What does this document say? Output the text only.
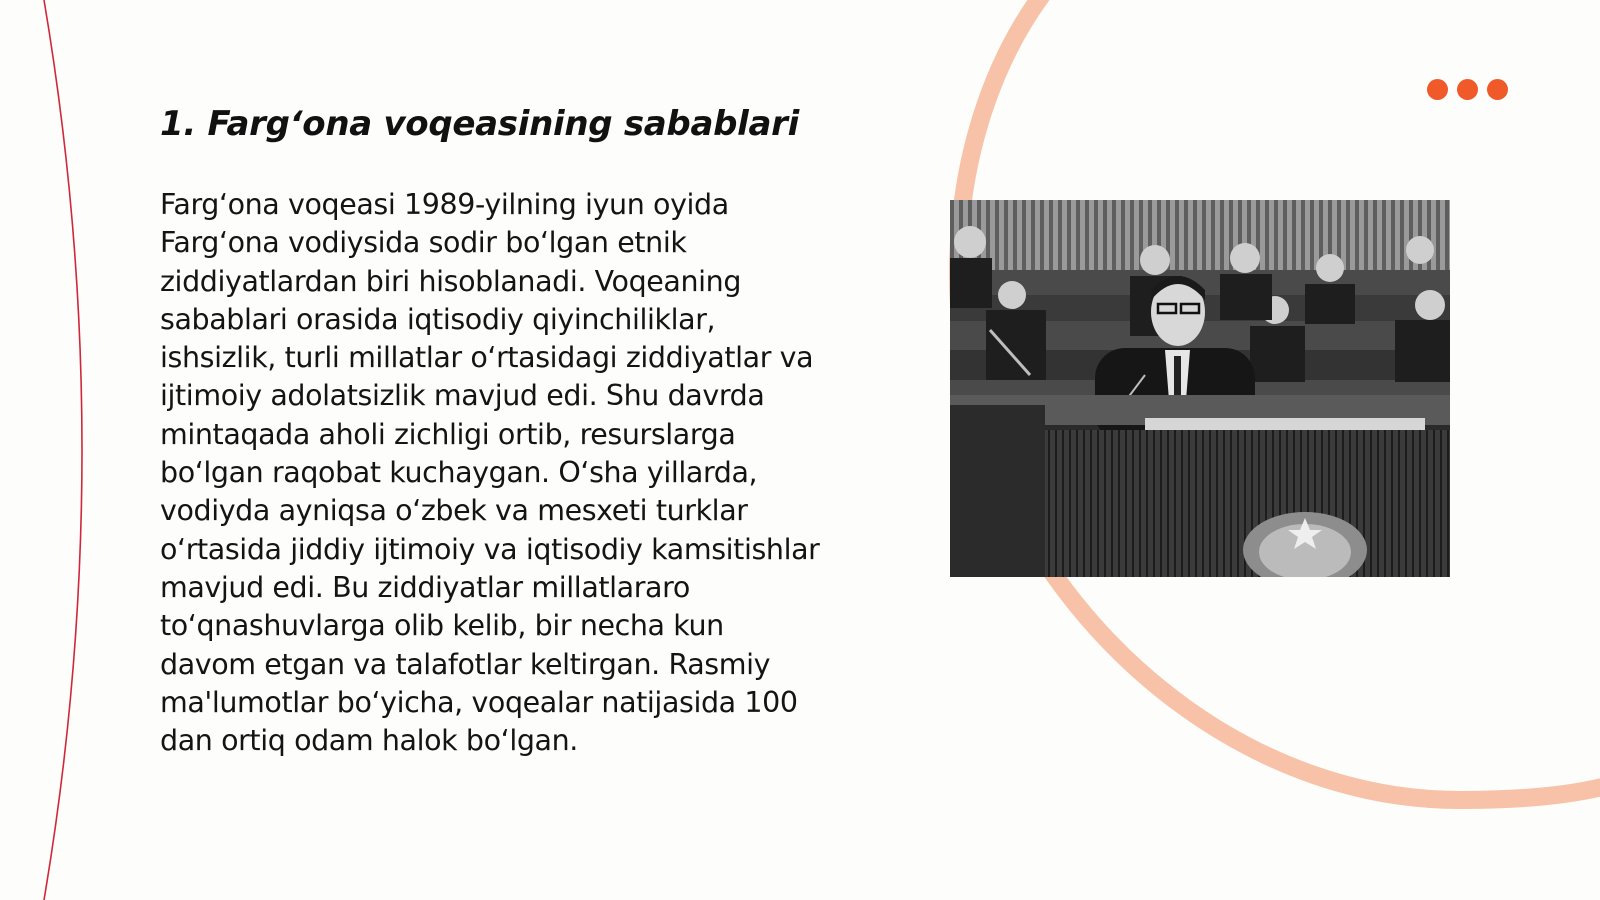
1. Farg‘ona voqeasining sabablari

Farg‘ona voqeasi 1989-yilning iyun oyida Farg‘ona vodiysida sodir bo‘lgan etnik ziddiyatlardan biri hisoblanadi. Voqeaning sabablari orasida iqtisodiy qiyinchiliklar, ishsizlik, turli millatlar o‘rtasidagi ziddiyatlar va ijtimoiy adolatsizlik mavjud edi. Shu davrda mintaqada aholi zichligi ortib, resurslarga bo‘lgan raqobat kuchaygan. O‘sha yillarda, vodiyda ayniqsa o‘zbek va mesxeti turklar o‘rtasida jiddiy ijtimoiy va iqtisodiy kamsitishlar mavjud edi. Bu ziddiyatlar millatlararo to‘qnashuvlarga olib kelib, bir necha kun davom etgan va talafotlar keltirgan. Rasmiy ma'lumotlar bo‘yicha, voqealar natijasida 100 dan ortiq odam halok bo‘lgan.
